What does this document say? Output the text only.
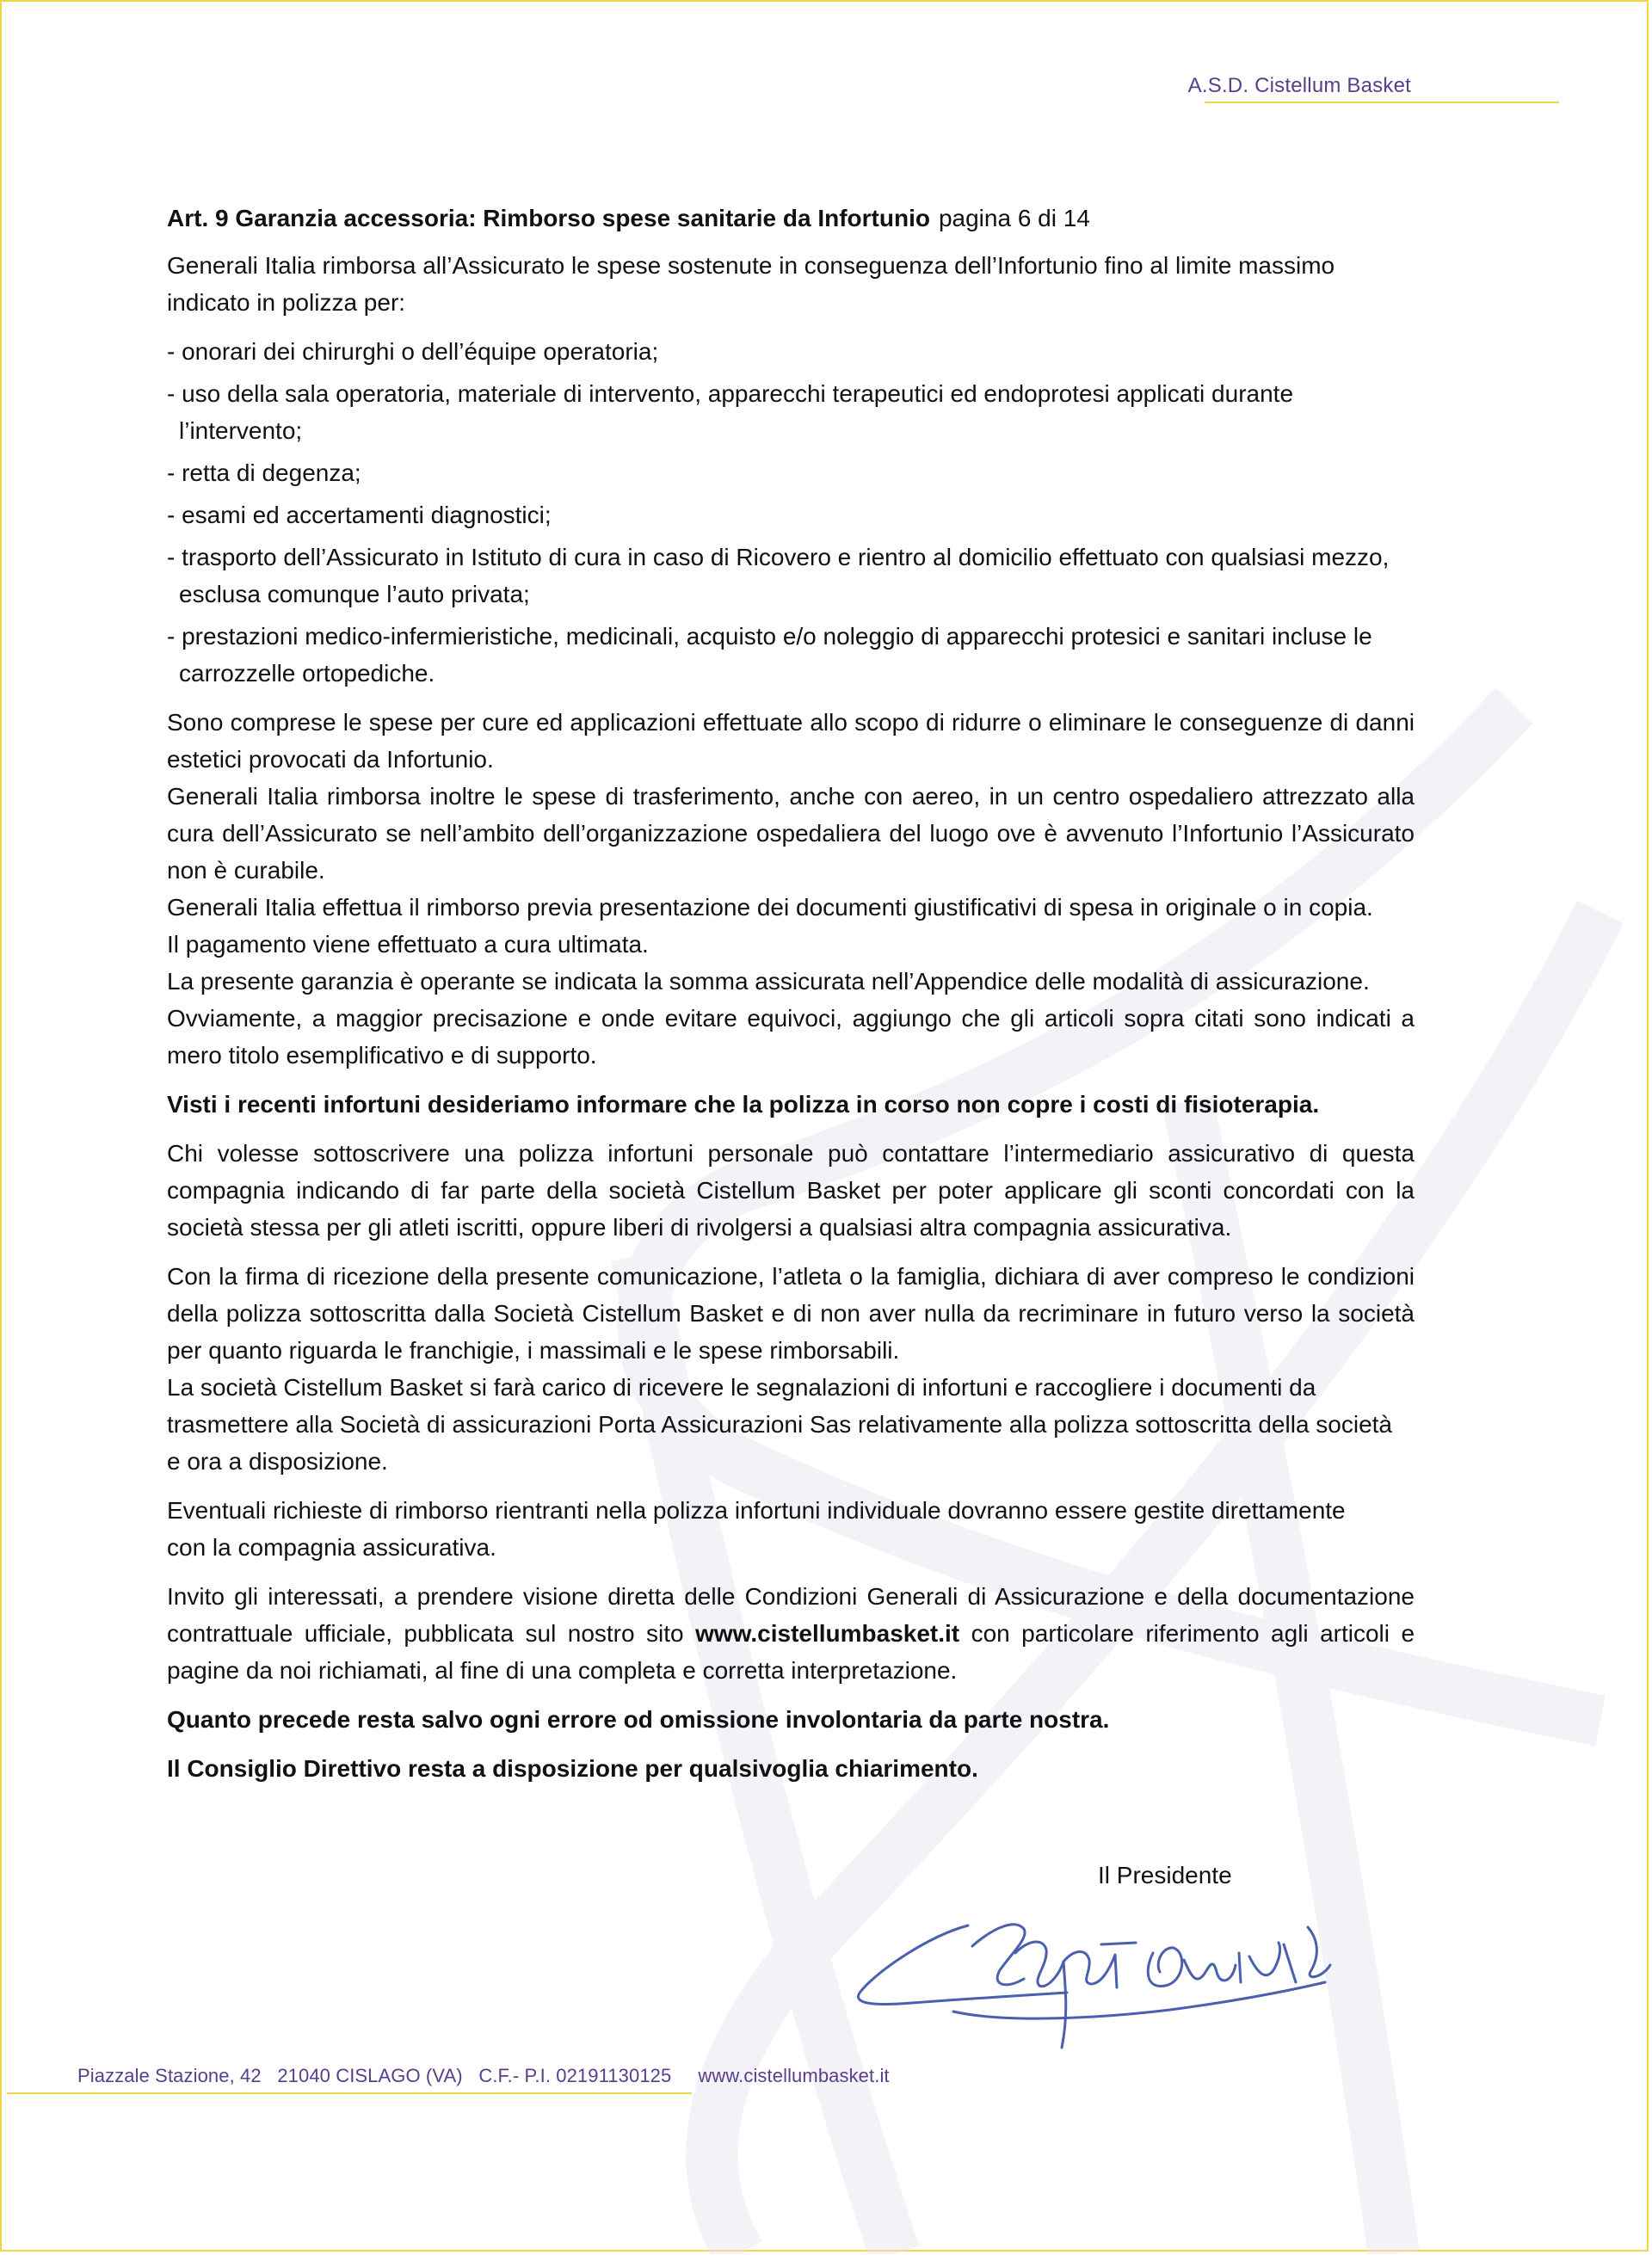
A.S.D. Cistellum Basket

Art. 9 Garanzia accessoria: Rimborso spese sanitarie da Infortunio pagina 6 di 14

Generali Italia rimborsa all’Assicurato le spese sostenute in conseguenza dell’Infortunio fino al limite massimo indicato in polizza per:

- onorari dei chirurghi o dell’équipe operatoria;
- uso della sala operatoria, materiale di intervento, apparecchi terapeutici ed endoprotesi applicati durante l’intervento;
- retta di degenza;
- esami ed accertamenti diagnostici;
- trasporto dell’Assicurato in Istituto di cura in caso di Ricovero e rientro al domicilio effettuato con qualsiasi mezzo,
esclusa comunque l’auto privata;
- prestazioni medico-infermieristiche, medicinali, acquisto e/o noleggio di apparecchi protesici e sanitari incluse le
carrozzelle ortopediche.

Sono comprese le spese per cure ed applicazioni effettuate allo scopo di ridurre o eliminare le conseguenze di danni estetici provocati da Infortunio.
Generali Italia rimborsa inoltre le spese di trasferimento, anche con aereo, in un centro ospedaliero attrezzato alla cura dell’Assicurato se nell’ambito dell’organizzazione ospedaliera del luogo ove è avvenuto l’Infortunio l’Assicurato non è curabile.
Generali Italia effettua il rimborso previa presentazione dei documenti giustificativi di spesa in originale o in copia.
Il pagamento viene effettuato a cura ultimata.
La presente garanzia è operante se indicata la somma assicurata nell’Appendice delle modalità di assicurazione.
Ovviamente, a maggior precisazione e onde evitare equivoci, aggiungo che gli articoli sopra citati sono indicati a mero titolo esemplificativo e di supporto.

Visti i recenti infortuni desideriamo informare che la polizza in corso non copre i costi di fisioterapia.

Chi volesse sottoscrivere una polizza infortuni personale può contattare l’intermediario assicurativo di questa compagnia indicando di far parte della società Cistellum Basket per poter applicare gli sconti concordati con la società stessa per gli atleti iscritti, oppure liberi di rivolgersi a qualsiasi altra compagnia assicurativa.

Con la firma di ricezione della presente comunicazione, l’atleta o la famiglia, dichiara di aver compreso le condizioni della polizza sottoscritta dalla Società Cistellum Basket e di non aver nulla da recriminare in futuro verso la società per quanto riguarda le franchigie, i massimali e le spese rimborsabili.
La società Cistellum Basket si farà carico di ricevere le segnalazioni di infortuni e raccogliere i documenti da trasmettere alla Società di assicurazioni Porta Assicurazioni Sas relativamente alla polizza sottoscritta della società
e ora a disposizione.

Eventuali richieste di rimborso rientranti nella polizza infortuni individuale dovranno essere gestite direttamente
con la compagnia assicurativa.

Invito gli interessati, a prendere visione diretta delle Condizioni Generali di Assicurazione e della documentazione contrattuale ufficiale, pubblicata sul nostro sito www.cistellumbasket.it con particolare riferimento agli articoli e pagine da noi richiamati, al fine di una completa e corretta interpretazione.

Quanto precede resta salvo ogni errore od omissione involontaria da parte nostra.

Il Consiglio Direttivo resta a disposizione per qualsivoglia chiarimento.

Il Presidente
Piazzale Stazione, 42   21040 CISLAGO (VA)   C.F.- P.I. 02191130125     www.cistellumbasket.it
